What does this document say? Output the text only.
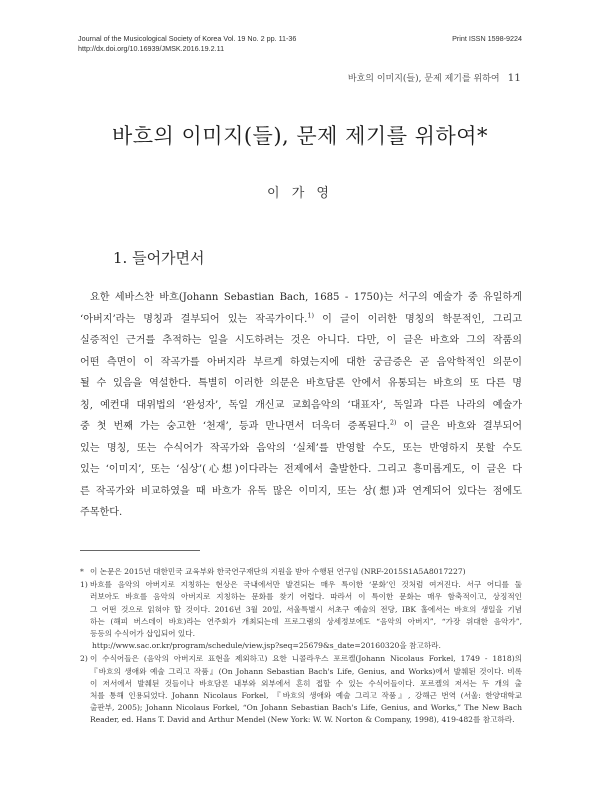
Journal of the Musicological Society of Korea Vol. 19 No. 2 pp. 11-36
http://dx.doi.org/10.16939/JMSK.2016.19.2.11
Print ISSN 1598-9224
바흐의 이미지(들), 문제 제기를 위하여 11
바흐의 이미지(들), 문제 제기를 위하여*
이 가 영
1. 들어가면서
요한 세바스찬 바흐(Johann Sebastian Bach, 1685 - 1750)는 서구의 예술가 중 유일하게
‘아버지’라는 명칭과 결부되어 있는 작곡가이다.$^{1)}$ 이 글이 이러한 명칭의 학문적인, 그리고
실증적인 근거를 추적하는 일을 시도하려는 것은 아니다. 다만, 이 글은 바흐와 그의 작품의
어떤 측면이 이 작곡가를 아버지라 부르게 하였는지에 대한 궁금증은 곧 음악학적인 의문이
될 수 있음을 역설한다. 특별히 이러한 의문은 바흐담론 안에서 유통되는 바흐의 또 다른 명
칭, 예컨대 대위법의 ‘완성자’, 독일 개신교 교회음악의 ‘대표자’, 독일과 다른 나라의 예술가
중 첫 번째 가는 숭고한 ‘천재’, 등과 만나면서 더욱더 증폭된다.$^{2)}$ 이 글은 바흐와 결부되어
있는 명칭, 또는 수식어가 작곡가와 음악의 ‘실체’를 반영할 수도, 또는 반영하지 못할 수도
있는 ‘이미지’, 또는 ‘심상’(心想)이다라는 전제에서 출발한다. 그리고 흥미롭게도, 이 글은 다
른 작곡가와 비교하였을 때 바흐가 유독 많은 이미지, 또는 상(想)과 연계되어 있다는 점에도
주목한다.
* 이 논문은 2015년 대한민국 교육부와 한국연구재단의 지원을 받아 수행된 연구임 (NRF-2015S1A5A8017227)
1) 바흐를 음악의 아버지로 지칭하는 현상은 국내에서만 발견되는 매우 특이한 ‘문화’인 것처럼 여겨진다. 서구 어디를 둘
러보아도 바흐를 음악의 아버지로 지칭하는 문화를 찾기 어렵다. 따라서 이 특이한 문화는 매우 함축적이고, 상징적인
그 어떤 것으로 읽혀야 할 것이다. 2016년 3월 20일, 서울특별시 서초구 예술의 전당, IBK 홀에서는 바흐의 생일을 기념
하는 (해피 버스데이 바흐)라는 연주회가 개최되는데 프로그램의 상세정보에도 “음악의 아버지”, “가장 위대한 음악가”,
등등의 수식어가 삽입되어 있다.
http://www.sac.or.kr/program/schedule/view.jsp?seq=25679&s_date=20160320을 참고하라.
2) 이 수식어들은 (음악의 아버지로 표현을 제외하고) 요한 니콜라우스 포르켈(Johann Nicolaus Forkel, 1749 - 1818)의
『바흐의 생애와 예술 그리고 작품』(On Johann Sebastian Bach's Life, Genius, and Works)에서 발췌된 것이다. 비록
이 저서에서 발췌된 것들이나 바흐담론 내부와 외부에서 흔히 접할 수 있는 수식어들이다. 포르켈의 저서는 두 개의 출
처를 통해 인용되었다. Johann Nicolaus Forkel, 『바흐의 생애와 예술 그리고 작품』, 강해근 번역 (서울: 한양대학교
출판부, 2005); Johann Nicolaus Forkel, “On Johann Sebastian Bach's Life, Genius, and Works,” The New Bach
Reader, ed. Hans T. David and Arthur Mendel (New York: W. W. Norton & Company, 1998), 419-482를 참고하라.
